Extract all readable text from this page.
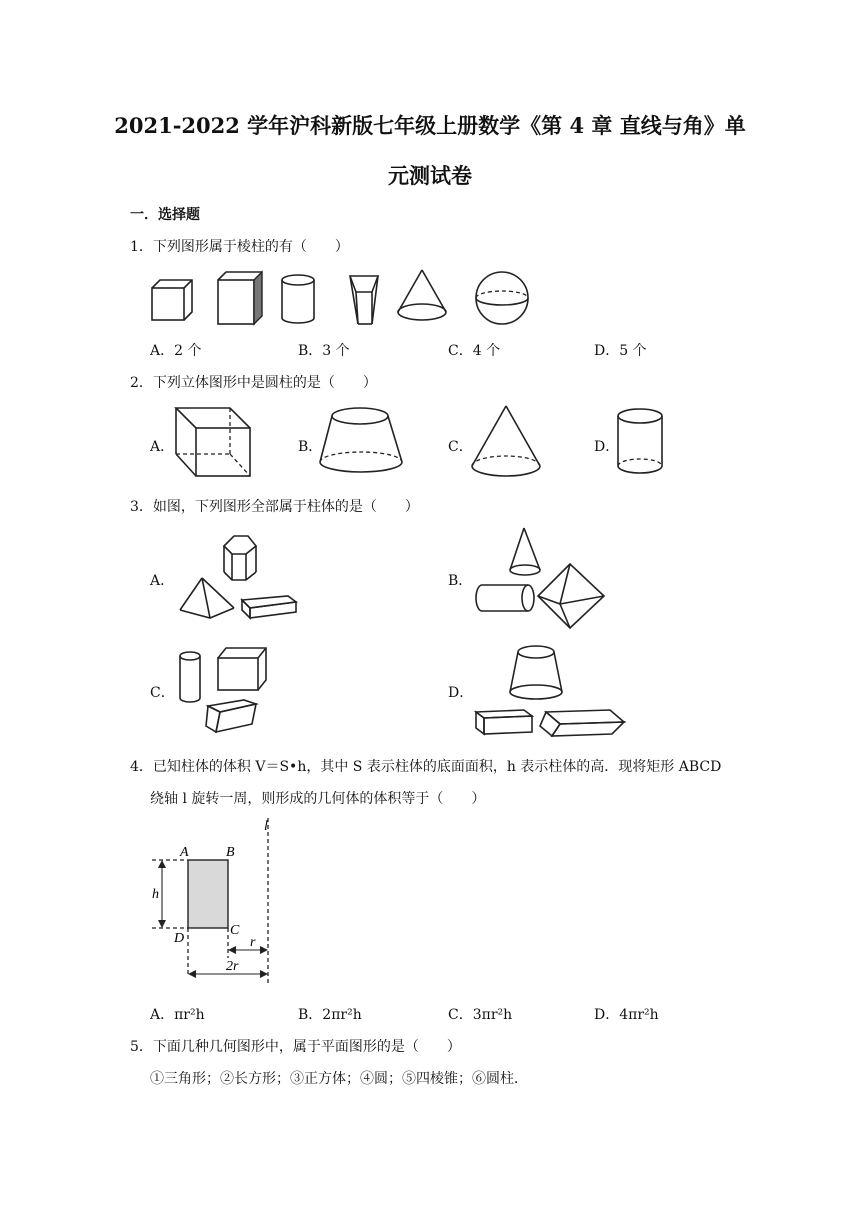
2021-2022 学年沪科新版七年级上册数学《第 4 章 直线与角》单
元测试卷
一．选择题
1．下列图形属于棱柱的有（　　）
A．2 个	B．3 个	C．4 个	D．5 个
2．下列立体图形中是圆柱的是（　　）
A．	B．	C．	D．
3．如图，下列图形全部属于柱体的是（　　）
A．	B．
C．	D．
4．已知柱体的体积 V＝S•h，其中 S 表示柱体的底面面积，h 表示柱体的高．现将矩形 ABCD
绕轴 l 旋转一周，则形成的几何体的体积等于（　　）
A	B
D
C
h
r
2r
l
A．πr²h	B．2πr²h	C．3πr²h	D．4πr²h
5．下面几种几何图形中，属于平面图形的是（　　）
①三角形；②长方形；③正方体；④圆；⑤四棱锥；⑥圆柱．
